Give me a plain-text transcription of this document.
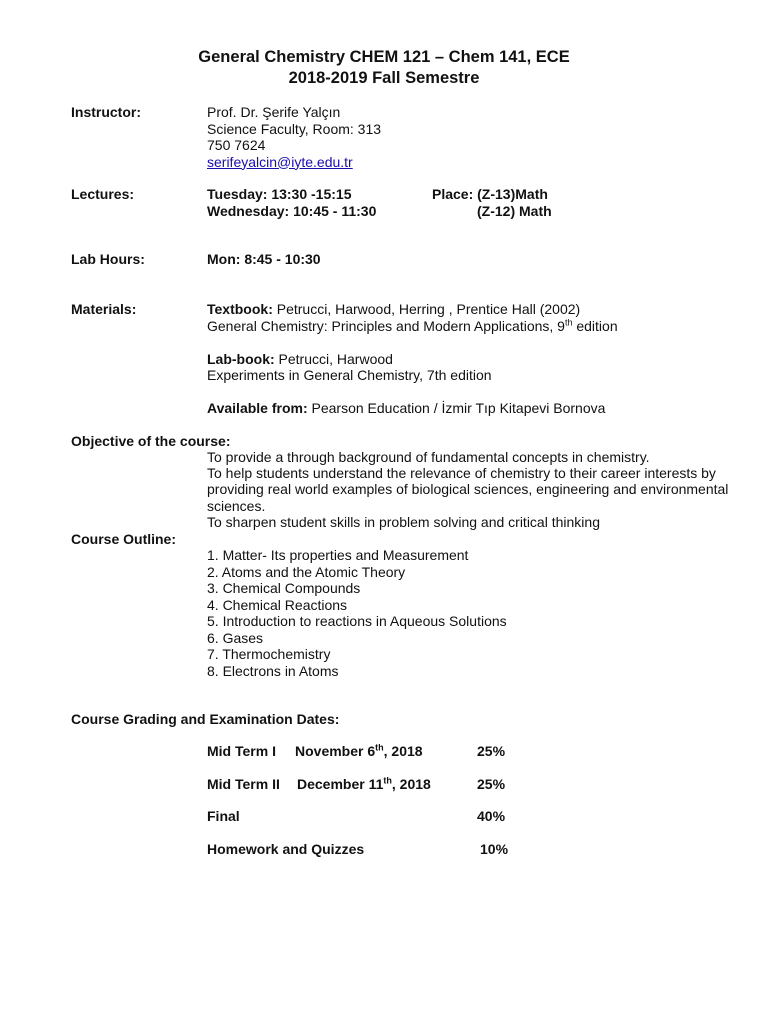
General Chemistry CHEM 121 – Chem 141, ECE
2018-2019 Fall Semestre
Instructor:	Prof. Dr. Şerife Yalçın
Science Faculty, Room: 313
750 7624
serifeyalcin@iyte.edu.tr
Lectures:	Tuesday: 13:30 -15:15	Place: (Z-13)Math
Wednesday: 10:45 - 11:30	(Z-12) Math
Lab Hours:	Mon: 8:45 - 10:30
Materials:	Textbook: Petrucci, Harwood, Herring , Prentice Hall (2002)
General Chemistry: Principles and Modern Applications, 9th edition
Lab-book: Petrucci, Harwood
Experiments in General Chemistry, 7th edition
Available from: Pearson Education / İzmir Tıp Kitapevi Bornova
Objective of the course:
To provide a through background of fundamental concepts in chemistry.
To help students understand the relevance of chemistry to their career interests by providing real world examples of biological sciences, engineering and environmental sciences.
To sharpen student skills in problem solving and critical thinking
Course Outline:
1. Matter- Its properties and Measurement
2. Atoms and the Atomic Theory
3. Chemical Compounds
4. Chemical Reactions
5. Introduction to reactions in Aqueous Solutions
6. Gases
7. Thermochemistry
8. Electrons in Atoms
Course Grading and Examination Dates:
Mid Term I November 6th, 2018	25%
Mid Term II December 11th, 2018	25%
Final	40%
Homework and Quizzes	10%
